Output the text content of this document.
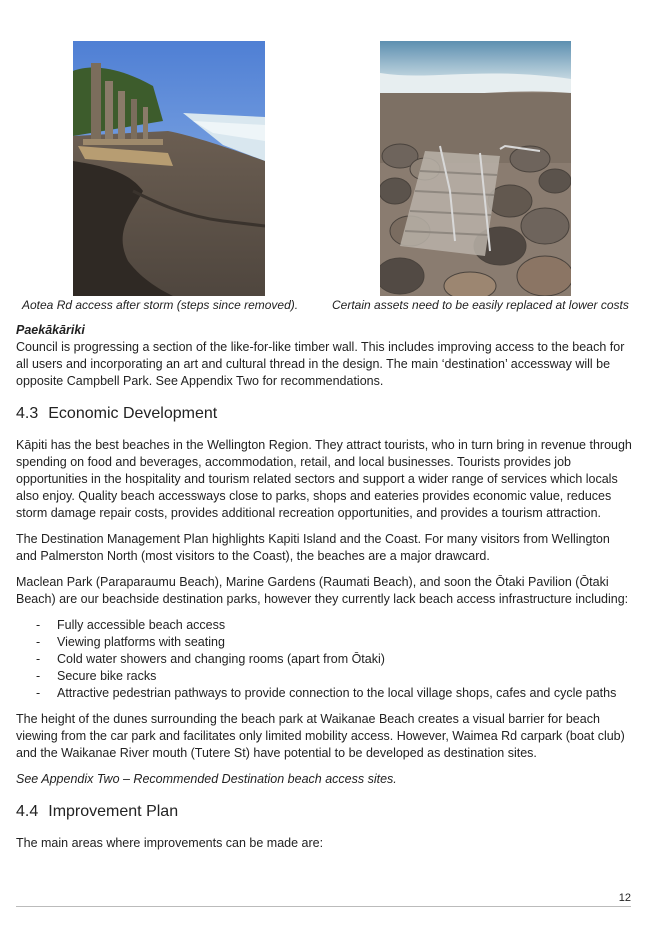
Aotea Rd access after storm (steps since removed).	Certain assets need to be easily replaced at lower costs
Paekākāriki

Council is progressing a section of the like-for-like timber wall. This includes improving access to the beach for all users and incorporating an art and cultural thread in the design. The main ‘destination’ accessway will be opposite Campbell Park. See Appendix Two for recommendations.

4.3 Economic Development

Kāpiti has the best beaches in the Wellington Region. They attract tourists, who in turn bring in revenue through spending on food and beverages, accommodation, retail, and local businesses. Tourists provides job opportunities in the hospitality and tourism related sectors and support a wider range of services which locals also enjoy. Quality beach accessways close to parks, shops and eateries provides economic value, reduces storm damage repair costs, provides additional recreation opportunities, and provides a tourism attraction.

The Destination Management Plan highlights Kapiti Island and the Coast. For many visitors from Wellington and Palmerston North (most visitors to the Coast), the beaches are a major drawcard.

Maclean Park (Paraparaumu Beach), Marine Gardens (Raumati Beach), and soon the Ōtaki Pavilion (Ōtaki Beach) are our beachside destination parks, however they currently lack beach access infrastructure including:

- Fully accessible beach access
- Viewing platforms with seating
- Cold water showers and changing rooms (apart from Ōtaki)
- Secure bike racks
- Attractive pedestrian pathways to provide connection to the local village shops, cafes and cycle paths

The height of the dunes surrounding the beach park at Waikanae Beach creates a visual barrier for beach viewing from the car park and facilitates only limited mobility access. However, Waimea Rd carpark (boat club) and the Waikanae River mouth (Tutere St) have potential to be developed as destination sites.

See Appendix Two – Recommended Destination beach access sites.

4.4 Improvement Plan

The main areas where improvements can be made are:

12
